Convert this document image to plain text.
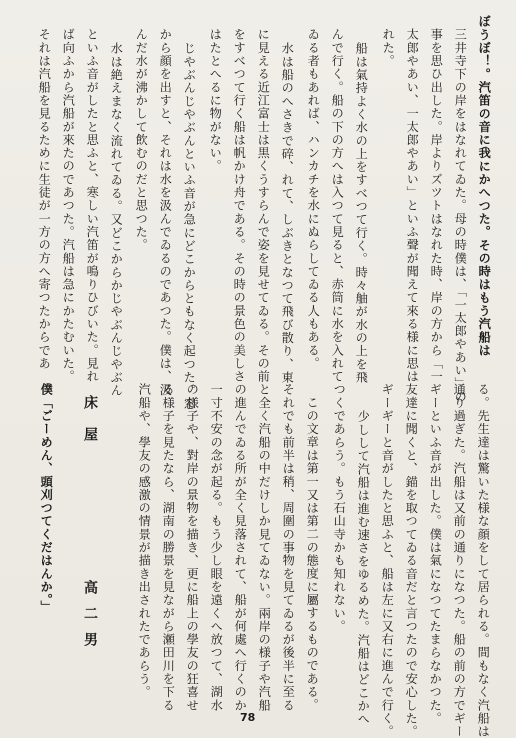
ぼうぼ！。汽笛の音に我にかへつた。その時はもう汽船は
三井寺下の岸をはなれてゐた。母の時僕は、「一太郎やあい」の
事を思ひ出した。岸よりズツトはなれた時、岸の方から「一
太郎やあい、一太郎やあい」といふ聲が聞えて來る様に思は
れた。
船は氣持よく水の上をすべつて行く。時々舳が水の上を飛
んで行く。船の下の方へは入つて見ると、赤筒に水を入れて
ゐる者もあれば、ハンカチを水にぬらしてゐる人もある。
水は船のへさきで碎、れて、しぶきとなつて飛び散り、東
に見える近江富士は黒くうすらんで姿を見せてゐる。その前
をすべつて行く船は帆かけ舟である。その時の景色の美しさ
はたとへるに物がない。
じやぶんじやぶんといふ音が急にどこからともなく起つた。窓
から顔を出すと、それは水を汲んでゐるのであつた。僕は、汲
んだ水が沸かして飲むのだと思つた。
水は絶えまなく流れてゐる。又どこからかじやぶんじやぶん
といふ音がしたと思ふと、寒しい汽笛が鳴りひびいた。見れ
ば向ふから汽船が來たのであつた。汽船は急にかたむいた。
それは汽船を見るために生徒が一方の方へ寄つたからであ
る。先生達は驚いた様な顔をして居られる。間もなく汽船は
通り過ぎた。汽船は又前の通りになつた。船の前の方でギー
ギーといふ音が出した。僕は氣になつてたまらなかつた。
友達に聞くと、錨を取つてゐる音だと言つたので安心した。
ギーギーと音がしたと思ふと、船は左に又右に進んで行く。
少しして汽船は進む速さをゆるめた。汽船はどこかへ
つくであらう。もう石山寺かも知れない。
この文章は第一又は第二の態度に屬するものである。
それでも前半は稍、周圍の事物を見てゐるが後半に至る
と全く汽船の中だけしか見てゐない。兩岸の様子や汽船
の進んでゐる所が全く見落されて、船が何處へ行くのか
一寸不安の念が起る。もう少し眼を遠くへ放つて、湖水
の様子や、對岸の景物を描き、更に船上の學友の狂喜せ
る様子を見たなら、湖南の勝景を見ながら瀬田川を下る
汽船や、學友の感激の情景が描き出されたであらう。
床屋
高二男
僕「ごーめん、頭刈つてくだはんか。」
78
